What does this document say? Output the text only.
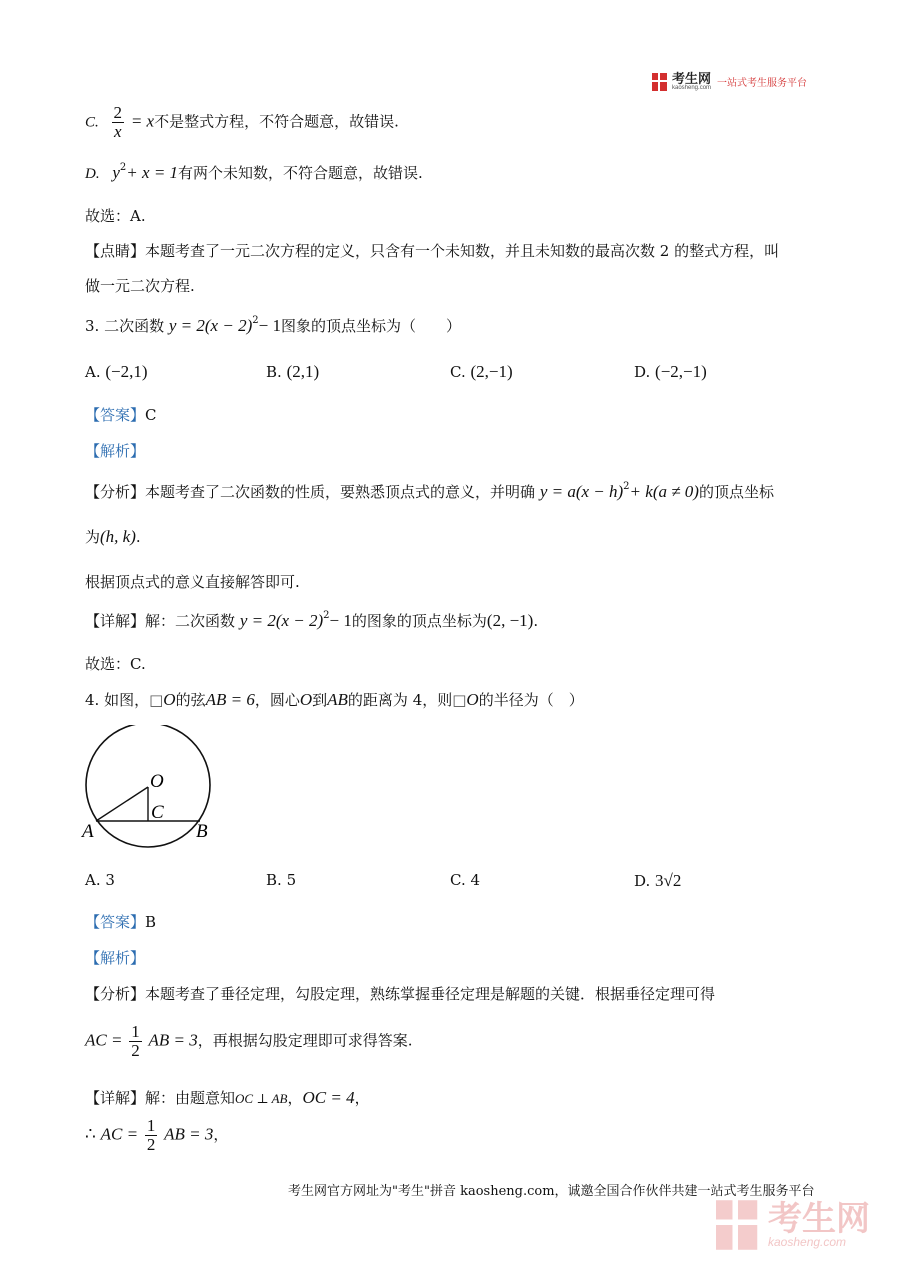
考生网
kaosheng.com 一站式考生服务平台
C. $\frac{2}{x} = x$不是整式方程，不符合题意，故错误.
D. $y^2+ x = 1$有两个未知数，不符合题意，故错误.
故选：A.
【点睛】本题考查了一元二次方程的定义，只含有一个未知数，并且未知数的最高次数 2 的整式方程，叫
做一元二次方程.
3. 二次函数 $y = 2(x - 2)^2- 1$图象的顶点坐标为（　　）
A. (−2,1)	B. (2,1)	C. (2,−1)	D. (−2,−1)
【答案】C
【解析】
【分析】本题考查了二次函数的性质，要熟悉顶点式的意义，并明确 $y = a(x - h)^2+ k(a \ne 0)$的顶点坐标
为(h, k).
根据顶点式的意义直接解答即可.
【详解】解：二次函数 $y = 2(x - 2)^2- 1$的图象的顶点坐标为(2, −1).
故选：C.
4. 如图，□O的弦AB = 6，圆心O到AB的距离为 4，则□O的半径为（　）
O
C
A	B
A. 3	B. 5	C. 4	D. 3√2
【答案】B
【解析】
【分析】本题考查了垂径定理，勾股定理，熟练掌握垂径定理是解题的关键．根据垂径定理可得
AC = $\frac{1}{2}$ AB = 3，再根据勾股定理即可求得答案.
【详解】解：由题意知OC ⊥ AB，OC = 4，
∴ AC = $\frac{1}{2}$ AB = 3，
考生网官方网址为"考生"拼音 kaosheng.com，诚邀全国合作伙伴共建一站式考生服务平台
考生网
kaosheng.com
